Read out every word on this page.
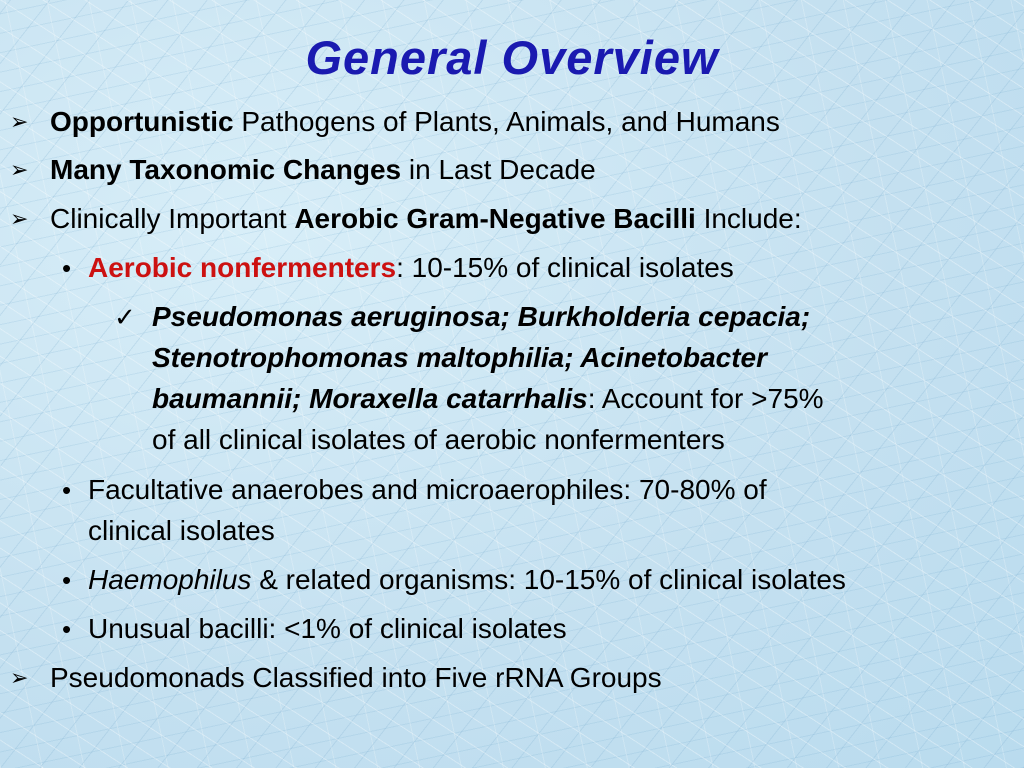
General Overview
➢ Opportunistic Pathogens of Plants, Animals, and Humans
➢ Many Taxonomic Changes in Last Decade
➢ Clinically Important Aerobic Gram-Negative Bacilli Include:
• Aerobic nonfermenters: 10-15% of clinical isolates
✓ Pseudomonas aeruginosa; Burkholderia cepacia;
Stenotrophomonas maltophilia; Acinetobacter
baumannii; Moraxella catarrhalis: Account for >75%
of all clinical isolates of aerobic nonfermenters
• Facultative anaerobes and microaerophiles: 70-80% of
clinical isolates
• Haemophilus & related organisms: 10-15% of clinical isolates
• Unusual bacilli: <1% of clinical isolates
➢ Pseudomonads Classified into Five rRNA Groups
